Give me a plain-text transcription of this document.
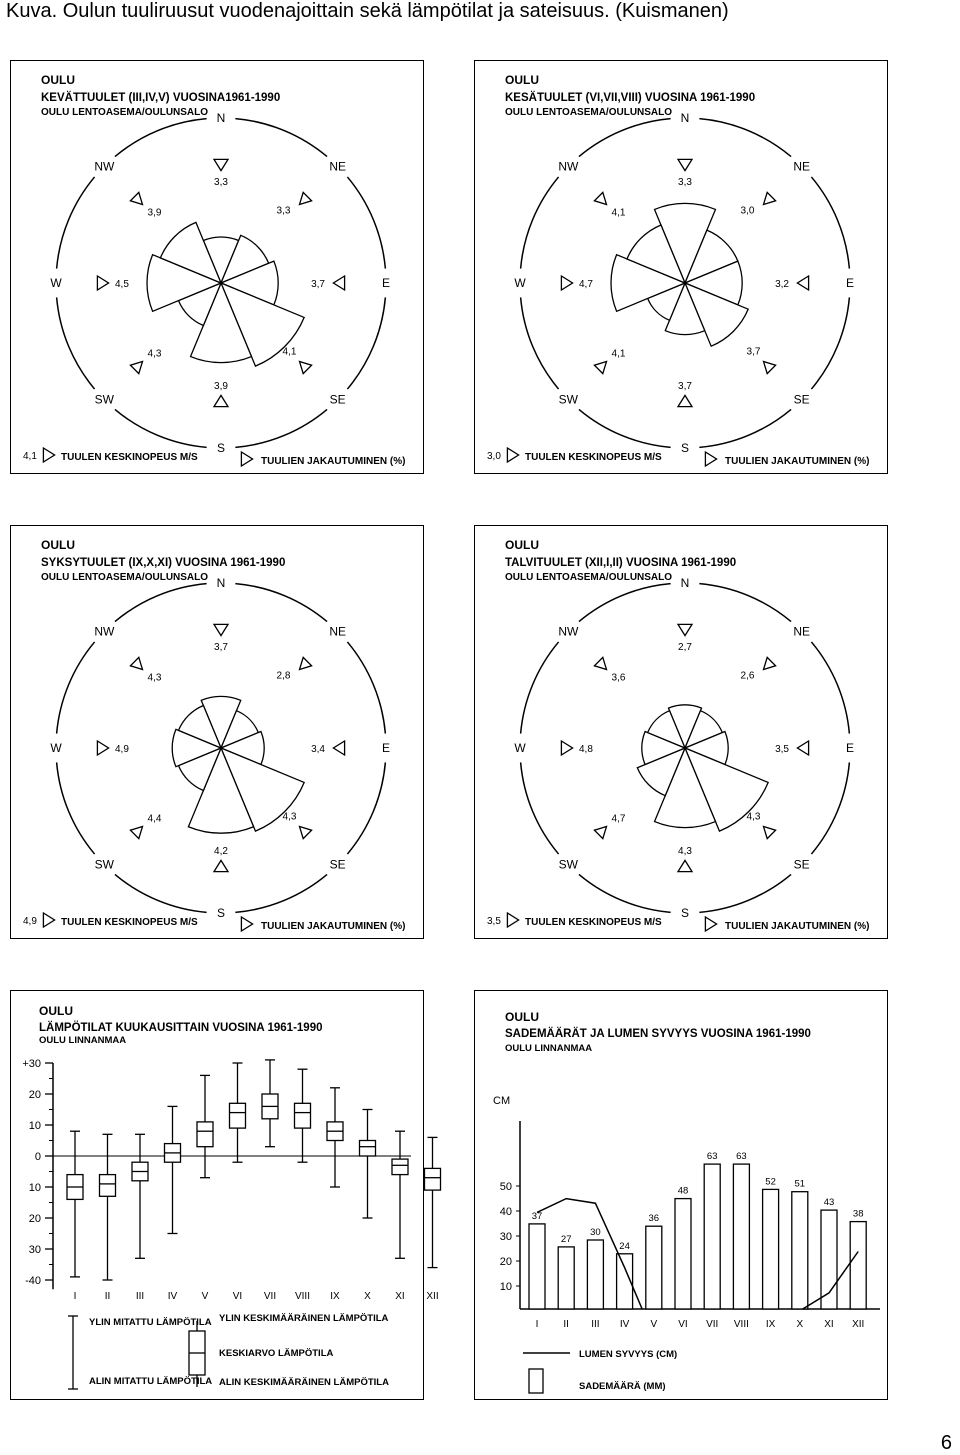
Kuva. Oulun tuuliruusut vuodenajoittain sekä lämpötilat ja sateisuus. (Kuismanen)
OULU
KEVÄTTUULET (III,IV,V) VUOSINA1961-1990
OULU LENTOASEMA/OULUNSALO N
NE
E
SE
S
SW
W
NW
3,3
3,3
3,7
4,1
3,9
4,3
4,5
3,9
4,1 TUULEN KESKINOPEUS M/S	TUULIEN JAKAUTUMINEN (%)
OULU
KESÄTUULET (VI,VII,VIII) VUOSINA 1961-1990
OULU LENTOASEMA/OULUNSALO N
NE
E
SE
S
SW
W
NW
3,3
3,0
3,2
3,7
3,7
4,1
4,7
4,1
3,0 TUULEN KESKINOPEUS M/S	TUULIEN JAKAUTUMINEN (%)
OULU
SYKSYTUULET (IX,X,XI) VUOSINA 1961-1990
OULU LENTOASEMA/OULUNSALO N
NE
E
SE
S
SW
W
NW
3,7
2,8
3,4
4,3
4,2
4,4
4,9
4,3
4,9 TUULEN KESKINOPEUS M/S	TUULIEN JAKAUTUMINEN (%)
OULU
TALVITUULET (XII,I,II) VUOSINA 1961-1990
OULU LENTOASEMA/OULUNSALO N
NE
E
SE
S
SW
W
NW
2,7
2,6
3,5
4,3
4,3
4,7
4,8
3,6
3,5 TUULEN KESKINOPEUS M/S	TUULIEN JAKAUTUMINEN (%)
OULU
LÄMPÖTILAT KUUKAUSITTAIN VUOSINA 1961-1990
OULU LINNANMAA
+30
20
10
0
10
20
30
-40
I	II	III IV V VI VII VIII IX X XI XII
YLIN MITATTU LÄMPÖTILA
ALIN MITATTU LÄMPÖTILA
YLIN KESKIMÄÄRÄINEN LÄMPÖTILA
KESKIARVO LÄMPÖTILA
ALIN KESKIMÄÄRÄINEN LÄMPÖTILA
OULU
SADEMÄÄRÄT JA LUMEN SYVYYS VUOSINA 1961-1990
OULU LINNANMAA
CM
10
20
30
40
50
37
I
27
II
30
III
24
IV
36
V
48
VI
63
VII
63
VIII
52
IX
51
X
43
XI
38
XII
LUMEN SYVYYS (CM)
SADEMÄÄRÄ (MM)
6
